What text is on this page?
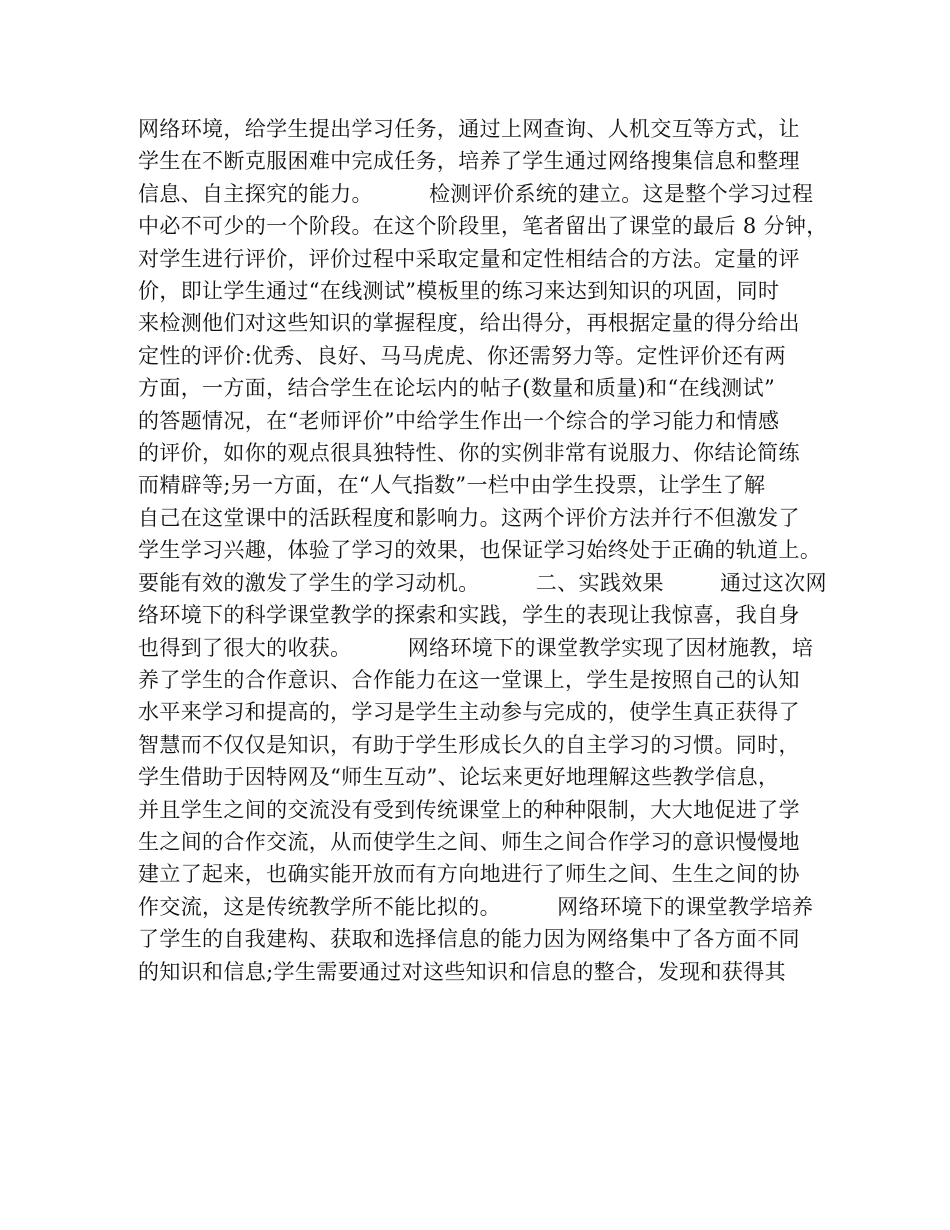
网络环境，给学生提出学习任务，通过上网查询、人机交互等方式，让
学生在不断克服困难中完成任务，培养了学生通过网络搜集信息和整理
信息、自主探究的能力。        检测评价系统的建立。这是整个学习过程
中必不可少的一个阶段。在这个阶段里，笔者留出了课堂的最后 8 分钟，
对学生进行评价，评价过程中采取定量和定性相结合的方法。定量的评
价，即让学生通过“在线测试”模板里的练习来达到知识的巩固，同时
来检测他们对这些知识的掌握程度，给出得分，再根据定量的得分给出
定性的评价:优秀、良好、马马虎虎、你还需努力等。定性评价还有两
方面，一方面，结合学生在论坛内的帖子(数量和质量)和“在线测试”
的答题情况，在“老师评价”中给学生作出一个综合的学习能力和情感
的评价，如你的观点很具独特性、你的实例非常有说服力、你结论简练
而精辟等;另一方面，在“人气指数”一栏中由学生投票，让学生了解
自己在这堂课中的活跃程度和影响力。这两个评价方法并行不但激发了
学生学习兴趣，体验了学习的效果，也保证学习始终处于正确的轨道上。
要能有效的激发了学生的学习动机。        二、实践效果        通过这次网
络环境下的科学课堂教学的探索和实践，学生的表现让我惊喜，我自身
也得到了很大的收获。        网络环境下的课堂教学实现了因材施教，培
养了学生的合作意识、合作能力在这一堂课上，学生是按照自己的认知
水平来学习和提高的，学习是学生主动参与完成的，使学生真正获得了
智慧而不仅仅是知识，有助于学生形成长久的自主学习的习惯。同时，
学生借助于因特网及“师生互动”、论坛来更好地理解这些教学信息，
并且学生之间的交流没有受到传统课堂上的种种限制，大大地促进了学
生之间的合作交流，从而使学生之间、师生之间合作学习的意识慢慢地
建立了起来，也确实能开放而有方向地进行了师生之间、生生之间的协
作交流，这是传统教学所不能比拟的。        网络环境下的课堂教学培养
了学生的自我建构、获取和选择信息的能力因为网络集中了各方面不同
的知识和信息;学生需要通过对这些知识和信息的整合，发现和获得其
